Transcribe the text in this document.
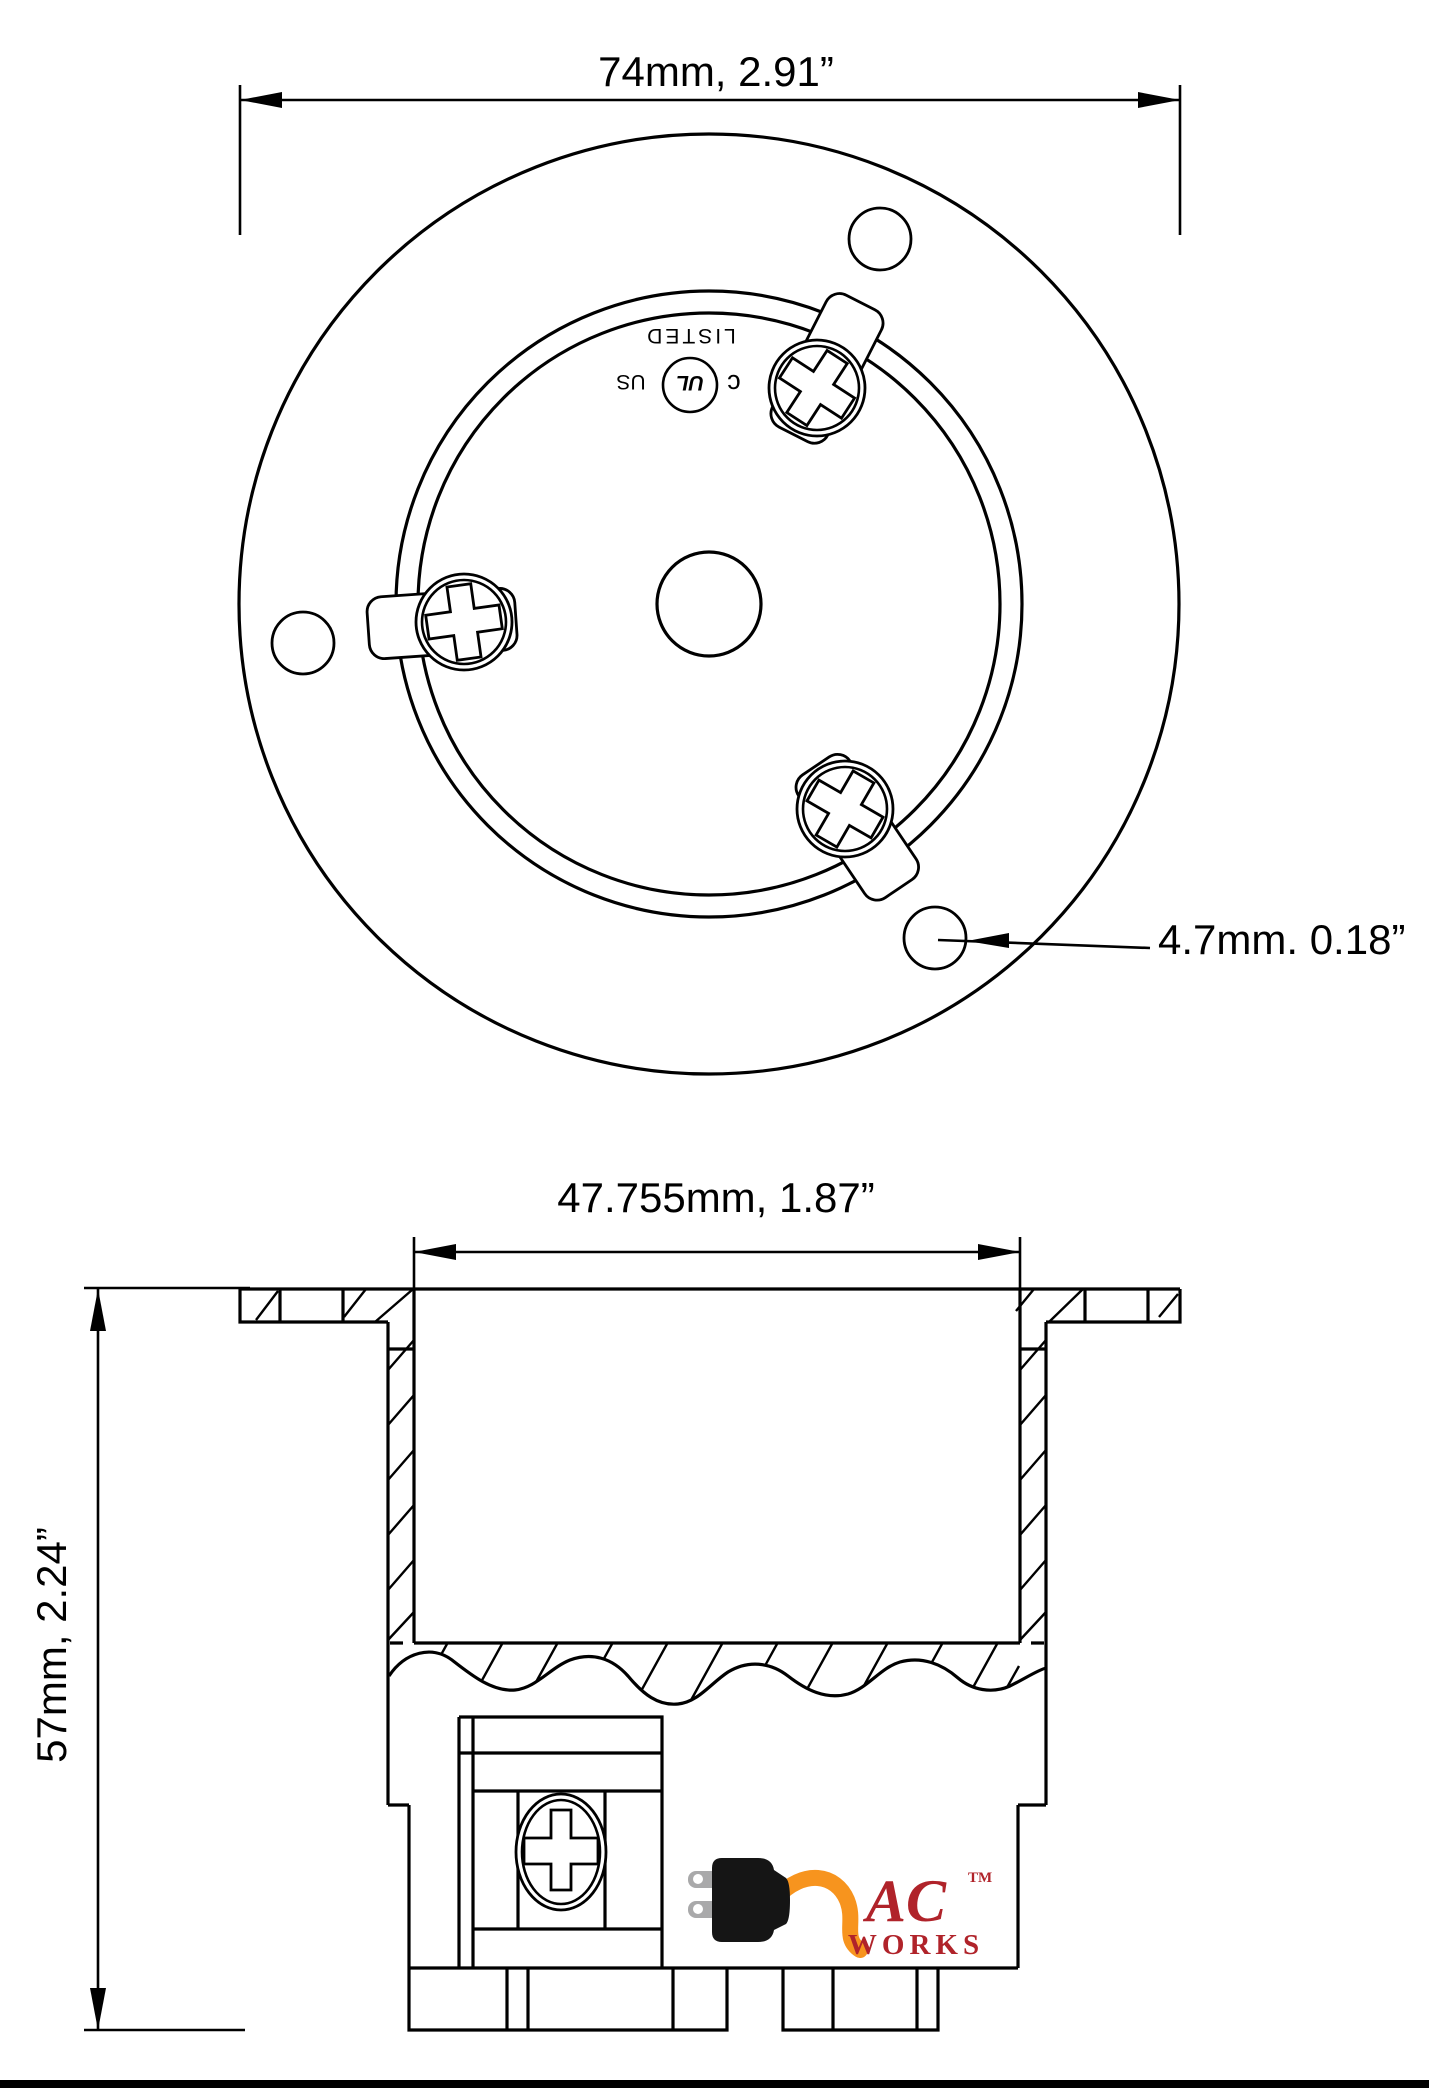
c
UL
US
LISTED
74mm, 2.91”
4.7mm. 0.18”
47.755mm, 1.87”
57mm, 2.24”
AC TM
WORKS
